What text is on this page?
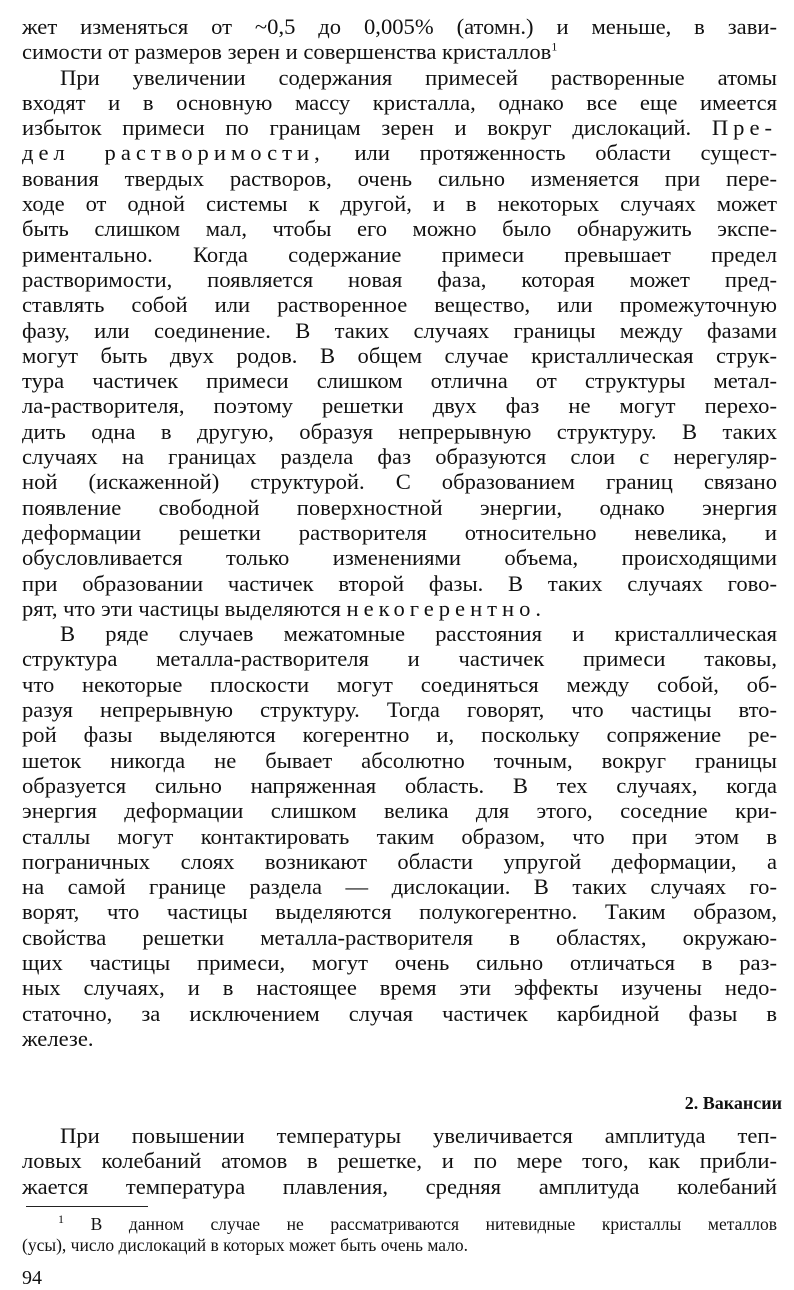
жет изменяться от ~0,5 до 0,005% (атомн.) и меньше, в зави-
симости от размеров зерен и совершенства кристаллов$^1$
При увеличении содержания примесей растворенные атомы
входят и в основную массу кристалла, однако все еще имеется
избыток примеси по границам зерен и вокруг дислокаций. Пре-
дел растворимости, или протяженность области сущест-
вования твердых растворов, очень сильно изменяется при пере-
ходе от одной системы к другой, и в некоторых случаях может
быть слишком мал, чтобы его можно было обнаружить экспе-
риментально. Когда содержание примеси превышает предел
растворимости, появляется новая фаза, которая может пред-
ставлять собой или растворенное вещество, или промежуточную
фазу, или соединение. В таких случаях границы между фазами
могут быть двух родов. В общем случае кристаллическая струк-
тура частичек примеси слишком отлична от структуры метал-
ла-растворителя, поэтому решетки двух фаз не могут перехо-
дить одна в другую, образуя непрерывную структуру. В таких
случаях на границах раздела фаз образуются слои с нерегуляр-
ной (искаженной) структурой. С образованием границ связано
появление свободной поверхностной энергии, однако энергия
деформации решетки растворителя относительно невелика, и
обусловливается только изменениями объема, происходящими
при образовании частичек второй фазы. В таких случаях гово-
рят, что эти частицы выделяются некогерентно.
В ряде случаев межатомные расстояния и кристаллическая
структура металла-растворителя и частичек примеси таковы,
что некоторые плоскости могут соединяться между собой, об-
разуя непрерывную структуру. Тогда говорят, что частицы вто-
рой фазы выделяются когерентно и, поскольку сопряжение ре-
шеток никогда не бывает абсолютно точным, вокруг границы
образуется сильно напряженная область. В тех случаях, когда
энергия деформации слишком велика для этого, соседние кри-
сталлы могут контактировать таким образом, что при этом в
пограничных слоях возникают области упругой деформации, а
на самой границе раздела — дислокации. В таких случаях го-
ворят, что частицы выделяются полукогерентно. Таким образом,
свойства решетки металла-растворителя в областях, окружаю-
щих частицы примеси, могут очень сильно отличаться в раз-
ных случаях, и в настоящее время эти эффекты изучены недо-
статочно, за исключением случая частичек карбидной фазы в
железе.
2. Вакансии
При повышении температуры увеличивается амплитуда теп-
ловых колебаний атомов в решетке, и по мере того, как прибли-
жается температура плавления, средняя амплитуда колебаний
$^1$ В данном случае не рассматриваются нитевидные кристаллы металлов
(усы), число дислокаций в которых может быть очень мало.
94
